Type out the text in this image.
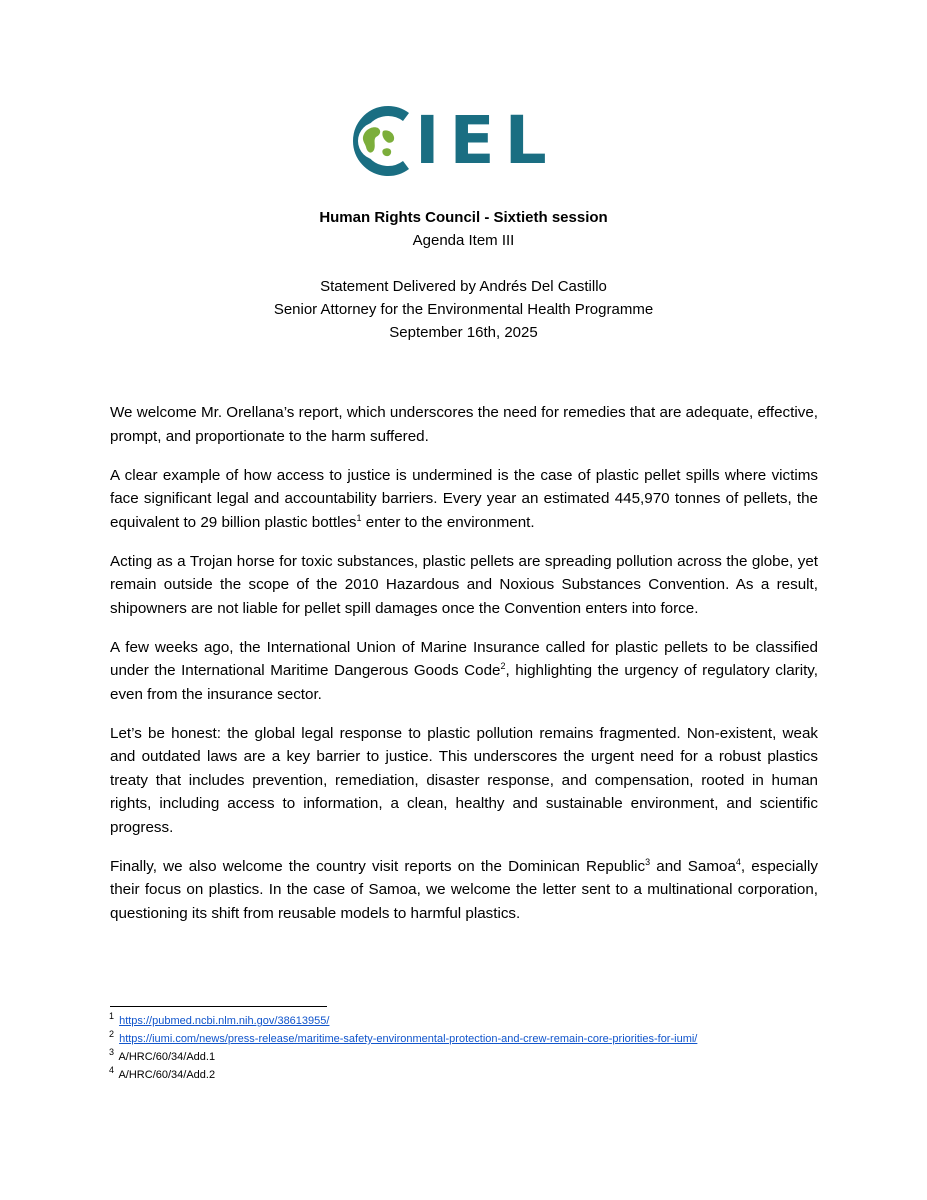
IEL
Human Rights Council - Sixtieth session
Agenda Item III
Statement Delivered by Andrés Del Castillo
Senior Attorney for the Environmental Health Programme
September 16th, 2025

We welcome Mr. Orellana’s report, which underscores the need for remedies that are adequate, effective, prompt, and proportionate to the harm suffered.

A clear example of how access to justice is undermined is the case of plastic pellet spills where victims face significant legal and accountability barriers. Every year an estimated 445,970 tonnes of pellets, the equivalent to 29 billion plastic bottles$^1$ enter to the environment.

Acting as a Trojan horse for toxic substances, plastic pellets are spreading pollution across the globe, yet remain outside the scope of the 2010 Hazardous and Noxious Substances Convention. As a result, shipowners are not liable for pellet spill damages once the Convention enters into force.

A few weeks ago, the International Union of Marine Insurance called for plastic pellets to be classified under the International Maritime Dangerous Goods Code$^2$, highlighting the urgency of regulatory clarity, even from the insurance sector.

Let’s be honest: the global legal response to plastic pollution remains fragmented. Non-existent, weak and outdated laws are a key barrier to justice. This underscores the urgent need for a robust plastics treaty that includes prevention, remediation, disaster response, and compensation, rooted in human rights, including access to information, a clean, healthy and sustainable environment, and scientific progress.

Finally, we also welcome the country visit reports on the Dominican Republic$^3$ and Samoa$^4$, especially their focus on plastics. In the case of Samoa, we welcome the letter sent to a multinational corporation, questioning its shift from reusable models to harmful plastics.

$^1$ https://pubmed.ncbi.nlm.nih.gov/38613955/
$^2$ https://iumi.com/news/press-release/maritime-safety-environmental-protection-and-crew-remain-core-priorities-for-iumi/
$^3$ A/HRC/60/34/Add.1
$^4$ A/HRC/60/34/Add.2
